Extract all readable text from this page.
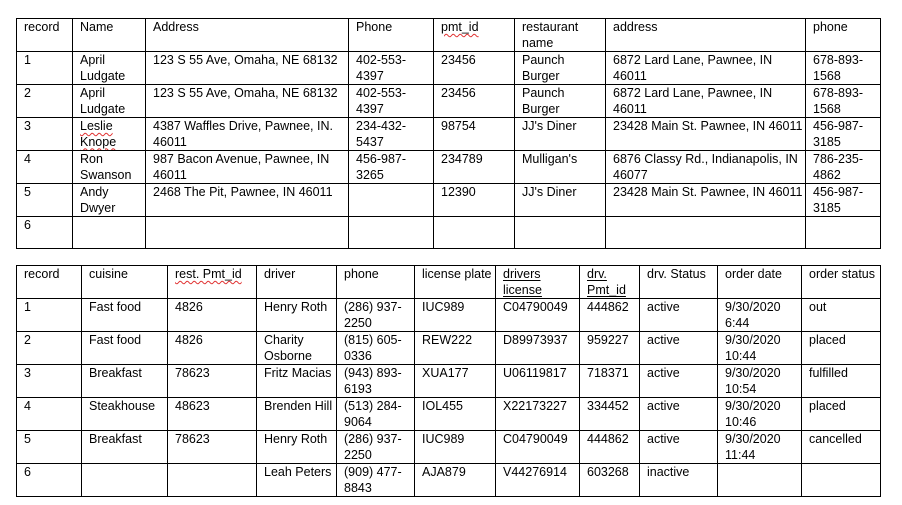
record	Name	Address	Phone	pmt_id	restaurant name	address	phone
1	April Ludgate	123 S 55 Ave, Omaha, NE 68132	402-553-4397	23456	Paunch Burger	6872 Lard Lane, Pawnee, IN 46011	678-893-1568
2	April Ludgate	123 S 55 Ave, Omaha, NE 68132	402-553-4397	23456	Paunch Burger	6872 Lard Lane, Pawnee, IN 46011	678-893-1568
3	Leslie Knope	4387 Waffles Drive, Pawnee, IN. 46011	234-432-5437	98754	JJ's Diner	23428 Main St. Pawnee, IN 46011	456-987-3185
4	Ron Swanson	987 Bacon Avenue, Pawnee, IN 46011	456-987-3265	234789	Mulligan's	6876 Classy Rd., Indianapolis, IN 46077	786-235-4862
5	Andy Dwyer	2468 The Pit, Pawnee, IN 46011		12390	JJ's Diner	23428 Main St. Pawnee, IN 46011	456-987-3185
6							
record	cuisine	rest. Pmt_id	driver	phone	license plate	drivers license	drv. Pmt_id	drv. Status	order date	order status
1	Fast food	4826	Henry Roth	(286) 937-2250	IUC989	C04790049	444862	active	9/30/2020 6:44	out
2	Fast food	4826	Charity Osborne	(815) 605-0336	REW222	D89973937	959227	active	9/30/2020 10:44	placed
3	Breakfast	78623	Fritz Macias	(943) 893-6193	XUA177	U06119817	718371	active	9/30/2020 10:54	fulfilled
4	Steakhouse	48623	Brenden Hill	(513) 284-9064	IOL455	X22173227	334452	active	9/30/2020 10:46	placed
5	Breakfast	78623	Henry Roth	(286) 937-2250	IUC989	C04790049	444862	active	9/30/2020 11:44	cancelled
6			Leah Peters	(909) 477-8843	AJA879	V44276914	603268	inactive		
